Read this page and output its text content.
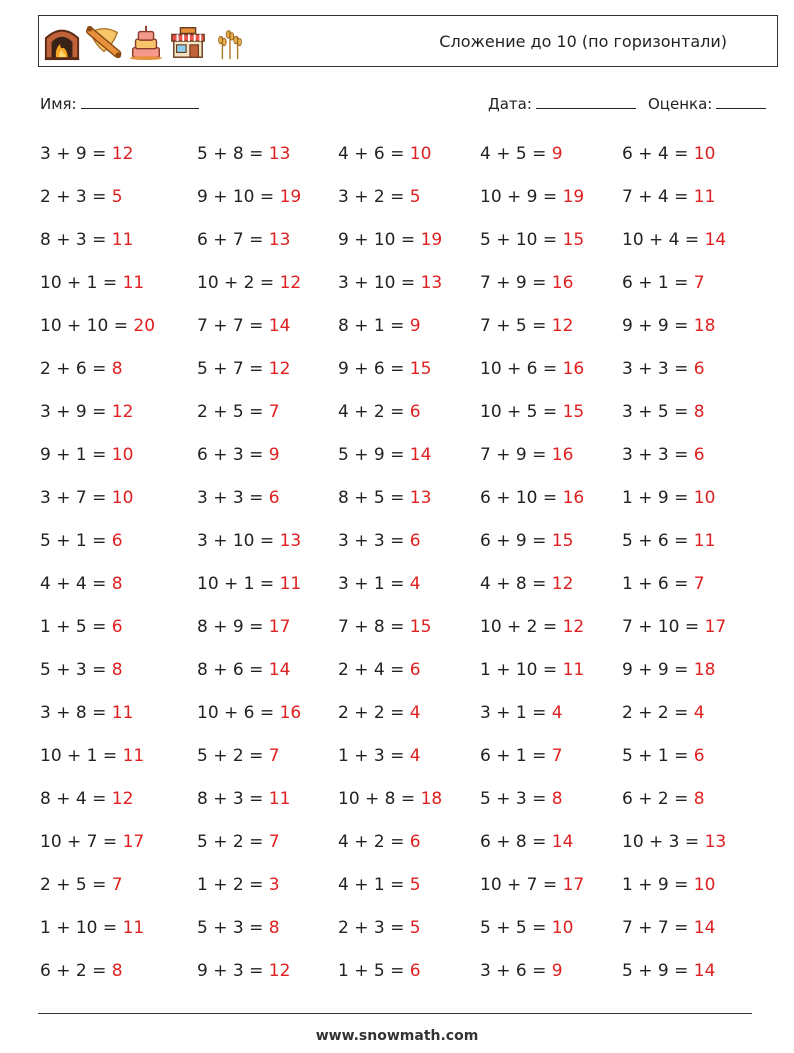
Сложение до 10 (по горизонтали)
Имя:	Дата:	Оценка:
3 + 9 = 12	5 + 8 = 13	4 + 6 = 10	4 + 5 = 9	6 + 4 = 10
2 + 3 = 5	9 + 10 = 19 3 + 2 = 5	10 + 9 = 19 7 + 4 = 11
8 + 3 = 11	6 + 7 = 13	9 + 10 = 19 5 + 10 = 15 10 + 4 = 14
10 + 1 = 11	10 + 2 = 12 3 + 10 = 13 7 + 9 = 16	6 + 1 = 7
10 + 10 = 20 7 + 7 = 14	8 + 1 = 9	7 + 5 = 12	9 + 9 = 18
2 + 6 = 8	5 + 7 = 12	9 + 6 = 15	10 + 6 = 16 3 + 3 = 6
3 + 9 = 12	2 + 5 = 7	4 + 2 = 6	10 + 5 = 15 3 + 5 = 8
9 + 1 = 10	6 + 3 = 9	5 + 9 = 14	7 + 9 = 16	3 + 3 = 6
3 + 7 = 10	3 + 3 = 6	8 + 5 = 13	6 + 10 = 16 1 + 9 = 10
5 + 1 = 6	3 + 10 = 13 3 + 3 = 6	6 + 9 = 15	5 + 6 = 11
4 + 4 = 8	10 + 1 = 11 3 + 1 = 4	4 + 8 = 12	1 + 6 = 7
1 + 5 = 6	8 + 9 = 17	7 + 8 = 15	10 + 2 = 12 7 + 10 = 17
5 + 3 = 8	8 + 6 = 14	2 + 4 = 6	1 + 10 = 11 9 + 9 = 18
3 + 8 = 11	10 + 6 = 16 2 + 2 = 4	3 + 1 = 4	2 + 2 = 4
10 + 1 = 11	5 + 2 = 7	1 + 3 = 4	6 + 1 = 7	5 + 1 = 6
8 + 4 = 12	8 + 3 = 11	10 + 8 = 18 5 + 3 = 8	6 + 2 = 8
10 + 7 = 17	5 + 2 = 7	4 + 2 = 6	6 + 8 = 14	10 + 3 = 13
2 + 5 = 7	1 + 2 = 3	4 + 1 = 5	10 + 7 = 17 1 + 9 = 10
1 + 10 = 11	5 + 3 = 8	2 + 3 = 5	5 + 5 = 10	7 + 7 = 14
6 + 2 = 8	9 + 3 = 12	1 + 5 = 6	3 + 6 = 9	5 + 9 = 14
www.snowmath.com
